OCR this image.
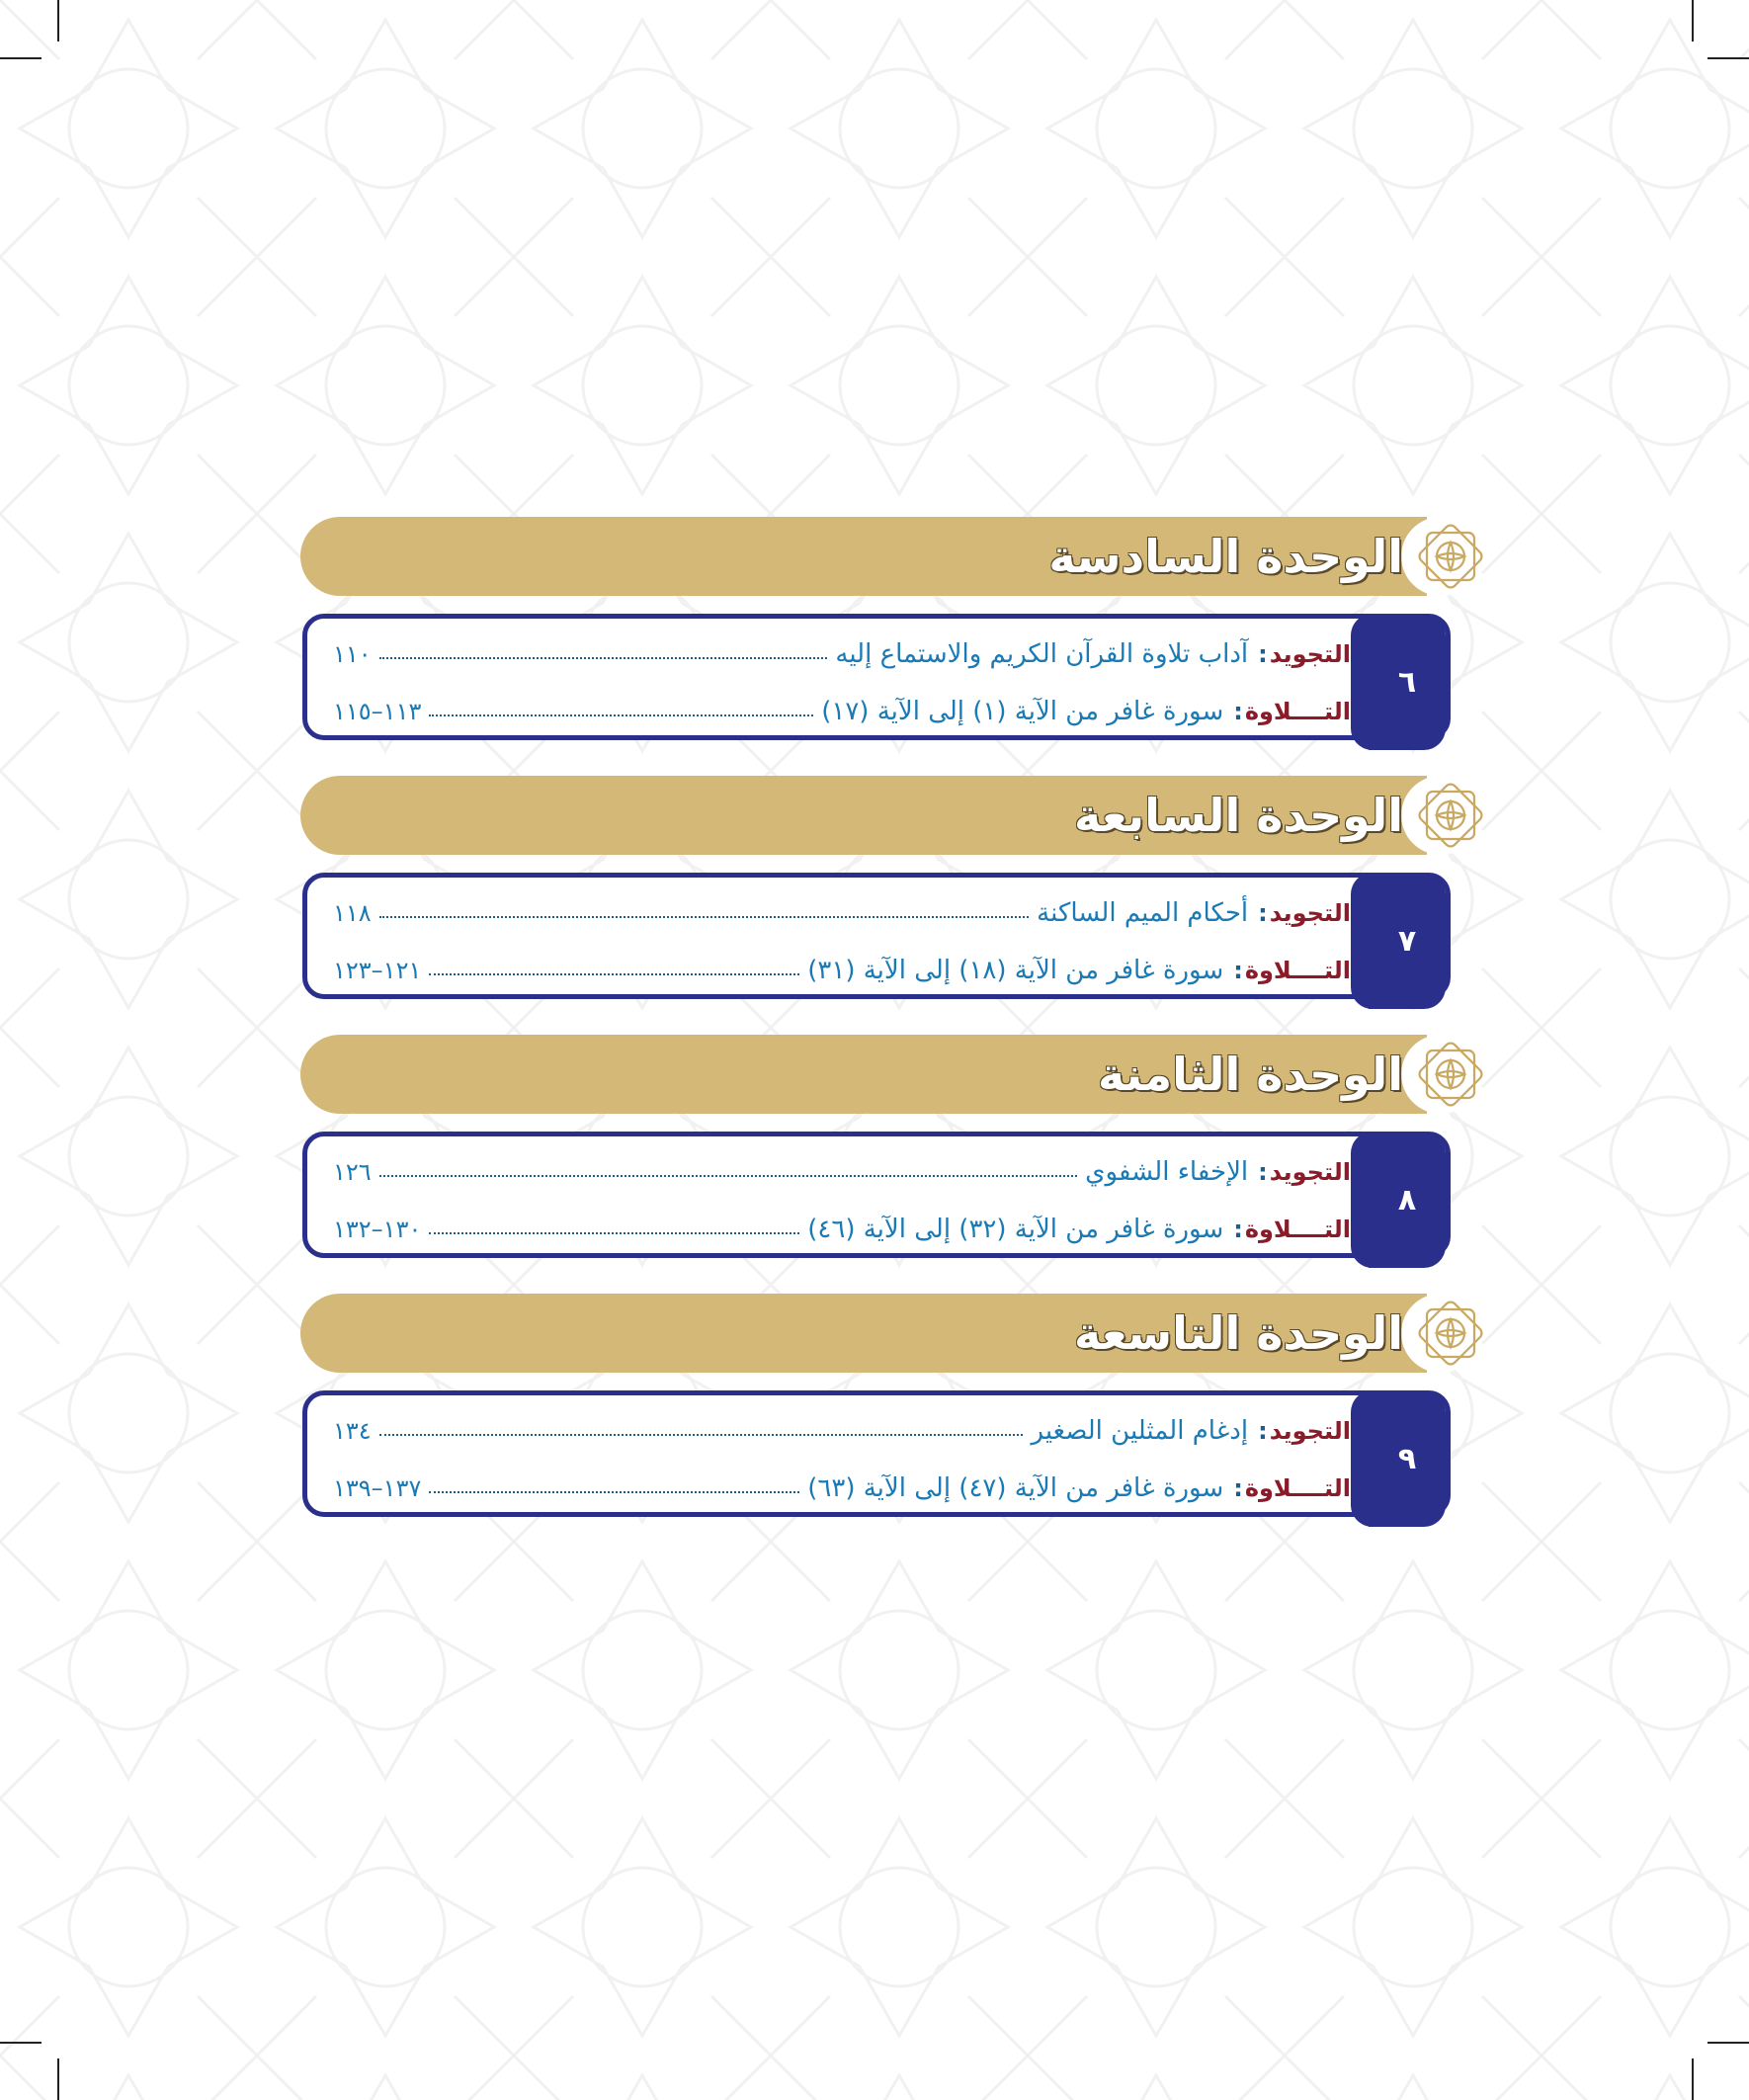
الوحدة السادسة
٦
التجويد
:
آداب تلاوة القرآن الكريم والاستماع إليه
١١٠
التــــلاوة
:
سورة غافر من الآية (١) إلى الآية (١٧)
١١٣–١١٥
الوحدة السابعة
٧
التجويد
:
أحكام الميم الساكنة
١١٨
التــــلاوة
:
سورة غافر من الآية (١٨) إلى الآية (٣١)
١٢١–١٢٣
الوحدة الثامنة
٨
التجويد
:
الإخفاء الشفوي
١٢٦
التــــلاوة
:
سورة غافر من الآية (٣٢) إلى الآية (٤٦)
١٣٠–١٣٢
الوحدة التاسعة
٩
التجويد
:
إدغام المثلين الصغير
١٣٤
التــــلاوة
:
سورة غافر من الآية (٤٧) إلى الآية (٦٣)
١٣٧–١٣٩
